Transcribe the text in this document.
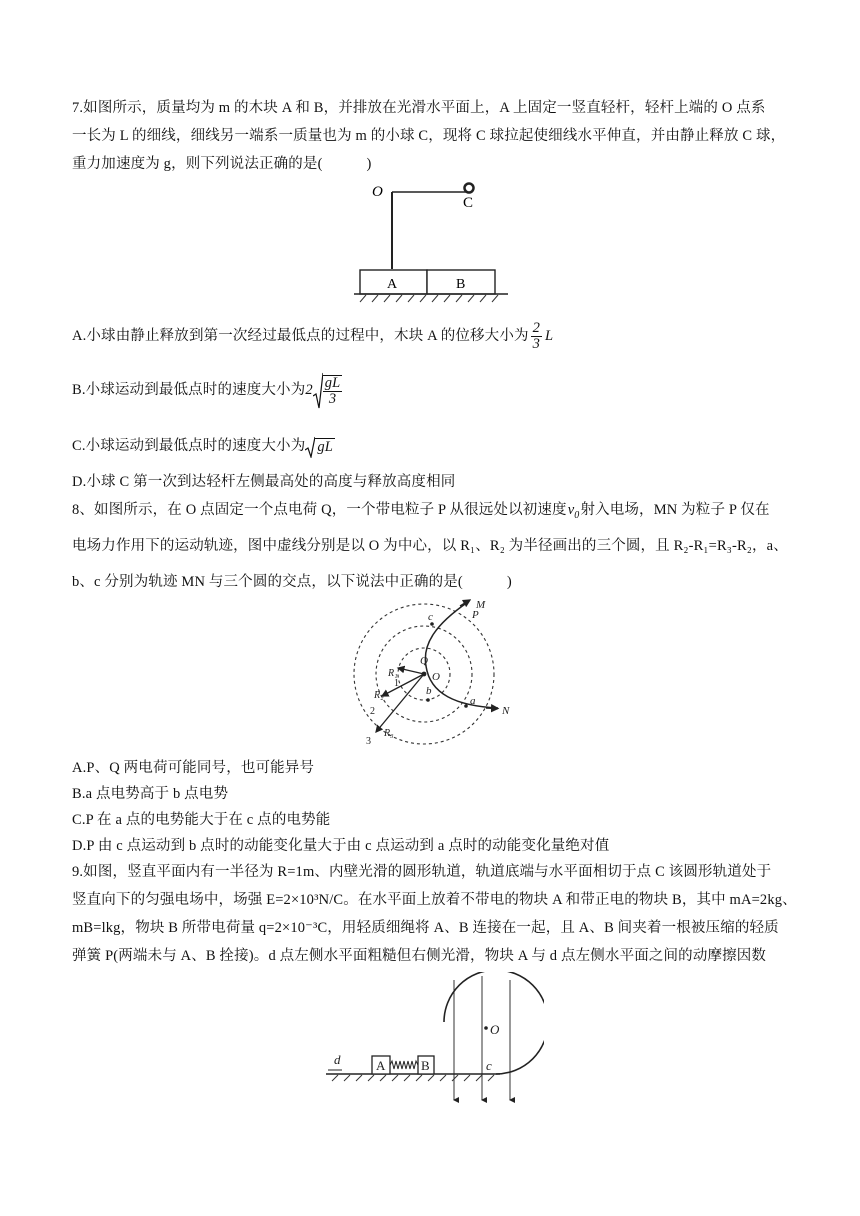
7.如图所示，质量均为 m 的木块 A 和 B，并排放在光滑水平面上，A 上固定一竖直轻杆，轻杆上端的 O 点系
一长为 L 的细线，细线另一端系一质量也为 m 的小球 C，现将 C 球拉起使细线水平伸直，并由静止释放 C 球，
重力加速度为 g，则下列说法正确的是(　　　)
O
C
A	B
A.小球由静止释放到第一次经过最低点的过程中，木块 A 的位移大小为 $\frac{2}{3}$ L
B.小球运动到最低点时的速度大小为$2 \frac{gL}{3}$
C.小球运动到最低点时的速度大小为 gL
D.小球 C 第一次到达轻杆左侧最高处的高度与释放高度相同
8、如图所示，在 O 点固定一个点电荷 Q，一个带电粒子 P 从很远处以初速度$v_0$射入电场，MN 为粒子 P 仅在
电场力作用下的运动轨迹，图中虚线分别是以 O 为中心，以 R₁、R₂ 为半径画出的三个圆，且 R₂-R₁=R₃-R₂，a、
b、c 分别为轨迹 MN 与三个圆的交点，以下说法中正确的是(　　　)
M
P
N
Q
O
a
b
c
R₁
R₂
R₃
1
2
3
A.P、Q 两电荷可能同号，也可能异号
B.a 点电势高于 b 点电势
C.P 在 a 点的电势能大于在 c 点的电势能
D.P 由 c 点运动到 b 点时的动能变化量大于由 c 点运动到 a 点时的动能变化量绝对值
9.如图，竖直平面内有一半径为 R=1m、内壁光滑的圆形轨道，轨道底端与水平面相切于点 C 该圆形轨道处于
竖直向下的匀强电场中，场强 E=2×10³N/C。在水平面上放着不带电的物块 A 和带正电的物块 B，其中 mA=2kg、
mB=lkg，物块 B 所带电荷量 q=2×10⁻³C，用轻质细绳将 A、B 连接在一起，且 A、B 间夹着一根被压缩的轻质
弹簧 P(两端未与 A、B 拴接)。d 点左侧水平面粗糙但右侧光滑，物块 A 与 d 点左侧水平面之间的动摩擦因数
d	A	B	c
O
